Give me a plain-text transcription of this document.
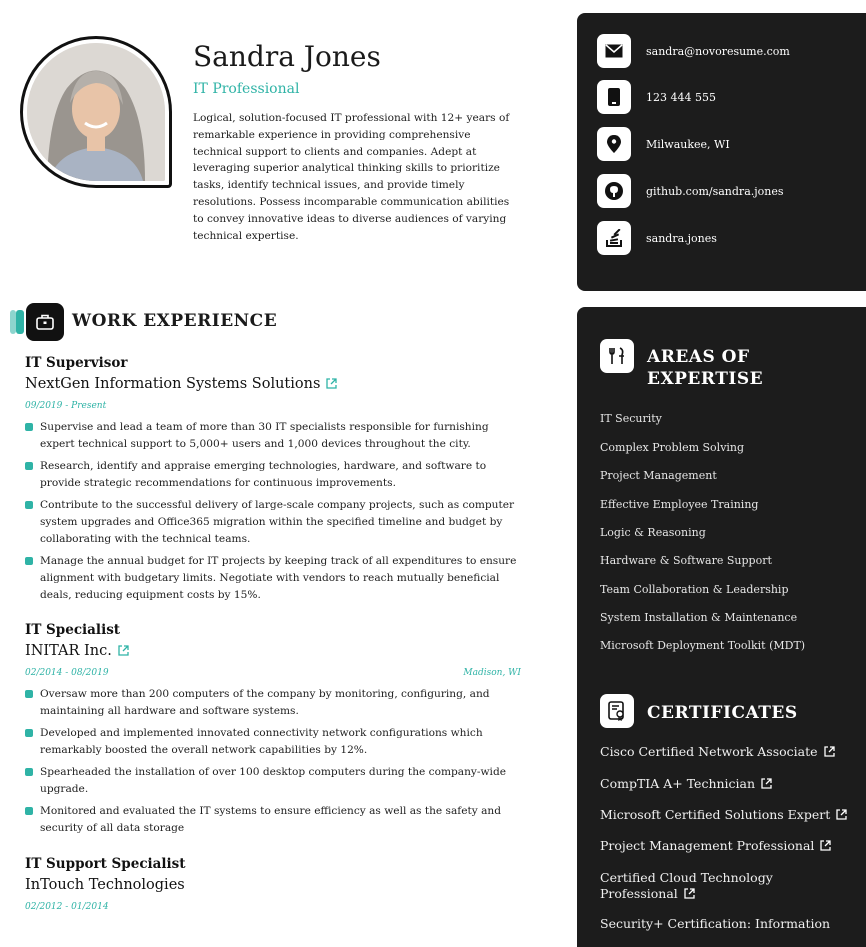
Sandra Jones
IT Professional
Logical, solution-focused IT professional with 12+ years of remarkable experience in providing comprehensive technical support to clients and companies. Adept at leveraging superior analytical thinking skills to prioritize tasks, identify technical issues, and provide timely resolutions. Possess incomparable communication abilities to convey innovative ideas to diverse audiences of varying technical expertise.
sandra@novoresume.com
123 444 555
Milwaukee, WI
github.com/sandra.jones
sandra.jones
WORK EXPERIENCE
IT Supervisor
NextGen Information Systems Solutions
09/2019 - Present
Supervise and lead a team of more than 30 IT specialists responsible for furnishing expert technical support to 5,000+ users and 1,000 devices throughout the city.
Research, identify and appraise emerging technologies, hardware, and software to provide strategic recommendations for continuous improvements.
Contribute to the successful delivery of large-scale company projects, such as computer system upgrades and Office365 migration within the specified timeline and budget by collaborating with the technical teams.
Manage the annual budget for IT projects by keeping track of all expenditures to ensure alignment with budgetary limits. Negotiate with vendors to reach mutually beneficial deals, reducing equipment costs by 15%.
IT Specialist
INITAR Inc.
02/2014 - 08/2019	Madison, WI
Oversaw more than 200 computers of the company by monitoring, configuring, and maintaining all hardware and software systems.
Developed and implemented innovated connectivity network configurations which remarkably boosted the overall network capabilities by 12%.
Spearheaded the installation of over 100 desktop computers during the company-wide upgrade.
Monitored and evaluated the IT systems to ensure efficiency as well as the safety and security of all data storage
IT Support Specialist
InTouch Technologies
02/2012 - 01/2014
AREAS OF
EXPERTISE
IT Security
Complex Problem Solving
Project Management
Effective Employee Training
Logic & Reasoning
Hardware & Software Support
Team Collaboration & Leadership
System Installation & Maintenance
Microsoft Deployment Toolkit (MDT)
CERTIFICATES
Cisco Certified Network Associate
CompTIA A+ Technician
Microsoft Certified Solutions Expert
Project Management Professional
Certified Cloud Technology Professional
Security+ Certification: Information
